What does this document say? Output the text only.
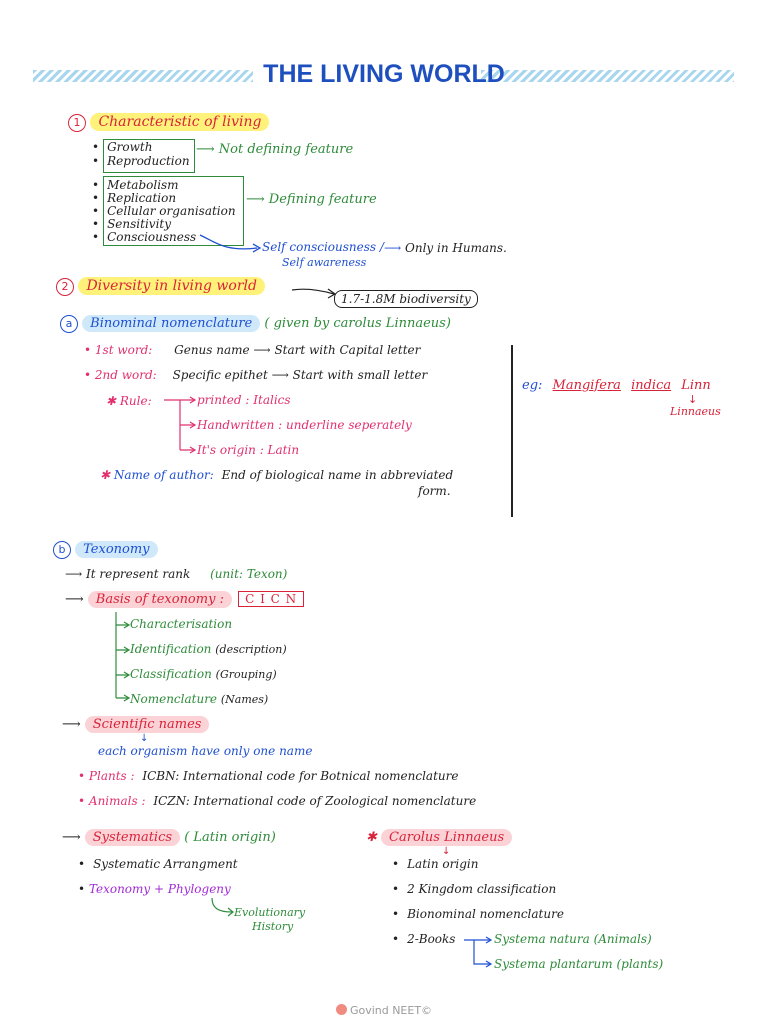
THE LIVING WORLD
1 Characteristic of living
• Growth
• Reproduction
⟶ Not defining feature
• Metabolism
• Replication
• Cellular organisation
• Sensitivity
• Consciousness
⟶ Defining feature
Self consciousness /
Self awareness
⟶ Only in Humans.
2 Diversity in living world
1.7-1.8M biodiversity
a Binominal nomenclature ( given by carolus Linnaeus)
• 1st word: Genus name ⟶ Start with Capital letter
• 2nd word: Specific epithet ⟶ Start with small letter
✱ Rule:	printed : Italics
Handwritten : underline seperately
It's origin : Latin
✱ Name of author: End of biological name in abbreviated
form.
eg: Mangifera indica Linn
↓
Linnaeus
b Texonomy
⟶ It represent rank (unit: Texon)
⟶ Basis of texonomy : C I C N
Characterisation
Identification (description)
Classification (Grouping)
Nomenclature (Names)
⟶ Scientific names
↓
each organism have only one name
• Plants : ICBN: International code for Botnical nomenclature
• Animals : ICZN: International code of Zoological nomenclature
⟶ Systematics ( Latin origin)
• Systematic Arrangment
• Texonomy + Phylogeny
Evolutionary
History
✱ Carolus Linnaeus
↓
• Latin origin
• 2 Kingdom classification
• Bionominal nomenclature
• 2-Books	Systema natura (Animals)
Systema plantarum (plants)
Govind NEET©
